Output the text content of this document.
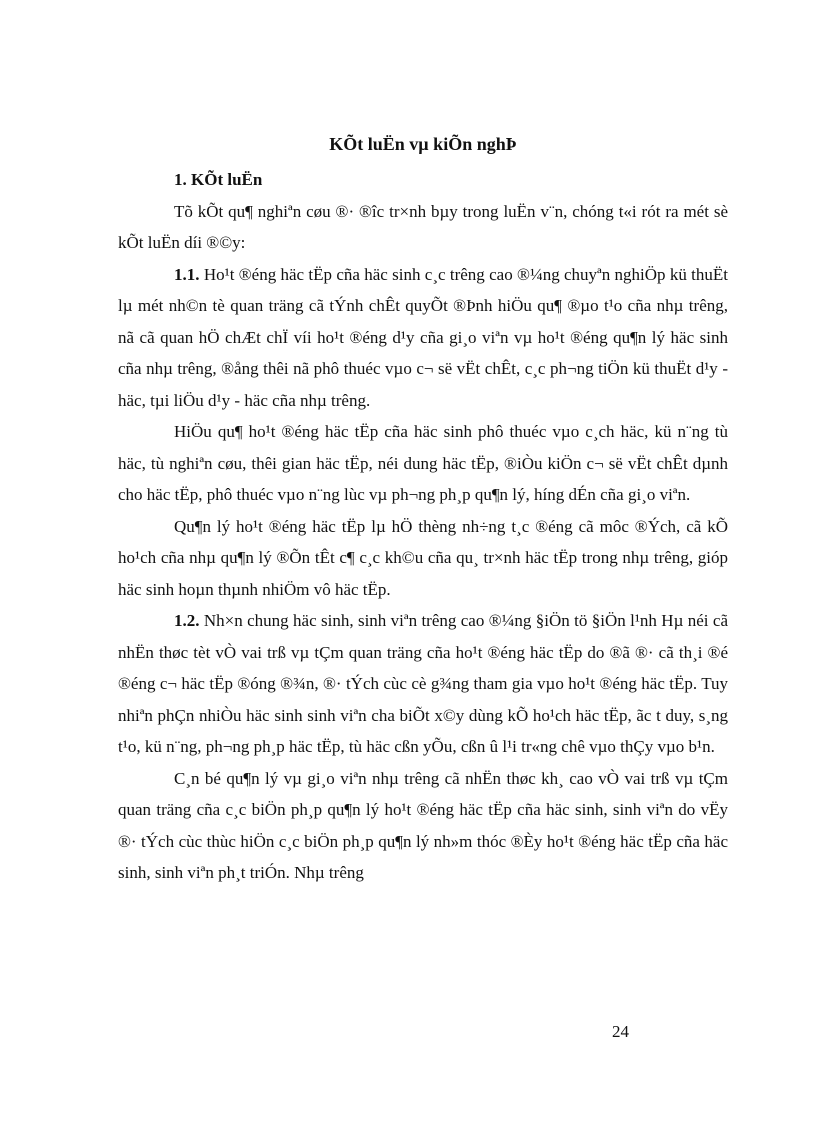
KÕt luËn vµ kiÕn nghÞ
1. KÕt luËn

Tõ kÕt qu¶ nghiªn cøu ®· ®îc tr×nh bµy trong luËn v¨n, chóng t«i rót ra mét sè kÕt luËn díi ®©y:

1.1. Ho¹t ®éng häc tËp cña häc sinh c¸c trêng cao ®¼ng chuyªn nghiÖp kü thuËt lµ mét nh©n tè quan träng cã tÝnh chÊt quyÕt ®Þnh hiÖu qu¶ ®µo t¹o cña nhµ trêng, nã cã quan hÖ chÆt chÏ víi ho¹t ®éng d¹y cña gi¸o viªn vµ ho¹t ®éng qu¶n lý häc sinh cña nhµ trêng, ®ång thêi nã phô thuéc vµo c¬ së vËt chÊt, c¸c ph¬ng tiÖn kü thuËt d¹y - häc, tµi liÖu d¹y - häc cña nhµ trêng.

HiÖu qu¶ ho¹t ®éng häc tËp cña häc sinh phô thuéc vµo c¸ch häc, kü n¨ng tù häc, tù nghiªn cøu, thêi gian häc tËp, néi dung häc tËp, ®iÒu kiÖn c¬ së vËt chÊt dµnh cho häc tËp, phô thuéc vµo n¨ng lùc vµ ph¬ng ph¸p qu¶n lý, híng dÉn cña gi¸o viªn.

Qu¶n lý ho¹t ®éng häc tËp lµ hÖ thèng nh÷ng t¸c ®éng cã môc ®Ých, cã kÕ ho¹ch cña nhµ qu¶n lý ®Õn tÊt c¶ c¸c kh©u cña qu¸ tr×nh häc tËp trong nhµ trêng, gióp häc sinh hoµn thµnh nhiÖm vô häc tËp.

1.2. Nh×n chung häc sinh, sinh viªn trêng cao ®¼ng §iÖn tö §iÖn l¹nh Hµ néi cã nhËn thøc tèt vÒ vai trß vµ tÇm quan träng cña ho¹t ®éng häc tËp do ®ã ®· cã th¸i ®é ®éng c¬ häc tËp ®óng ®¾n, ®· tÝch cùc cè g¾ng tham gia vµo ho¹t ®éng häc tËp. Tuy nhiªn phÇn nhiÒu häc sinh sinh viªn cha biÕt x©y dùng kÕ ho¹ch häc tËp, ãc t duy, s¸ng t¹o, kü n¨ng, ph¬ng ph¸p häc tËp, tù häc cßn yÕu, cßn û l¹i tr«ng chê vµo thÇy vµo b¹n.

C¸n bé qu¶n lý vµ gi¸o viªn nhµ trêng cã nhËn thøc kh¸ cao vÒ vai trß vµ tÇm quan träng cña c¸c biÖn ph¸p qu¶n lý ho¹t ®éng häc tËp cña häc sinh, sinh viªn do vËy ®· tÝch cùc thùc hiÖn c¸c biÖn ph¸p qu¶n lý nh»m thóc ®Èy ho¹t ®éng häc tËp cña häc sinh, sinh viªn ph¸t triÓn. Nhµ trêng

24
